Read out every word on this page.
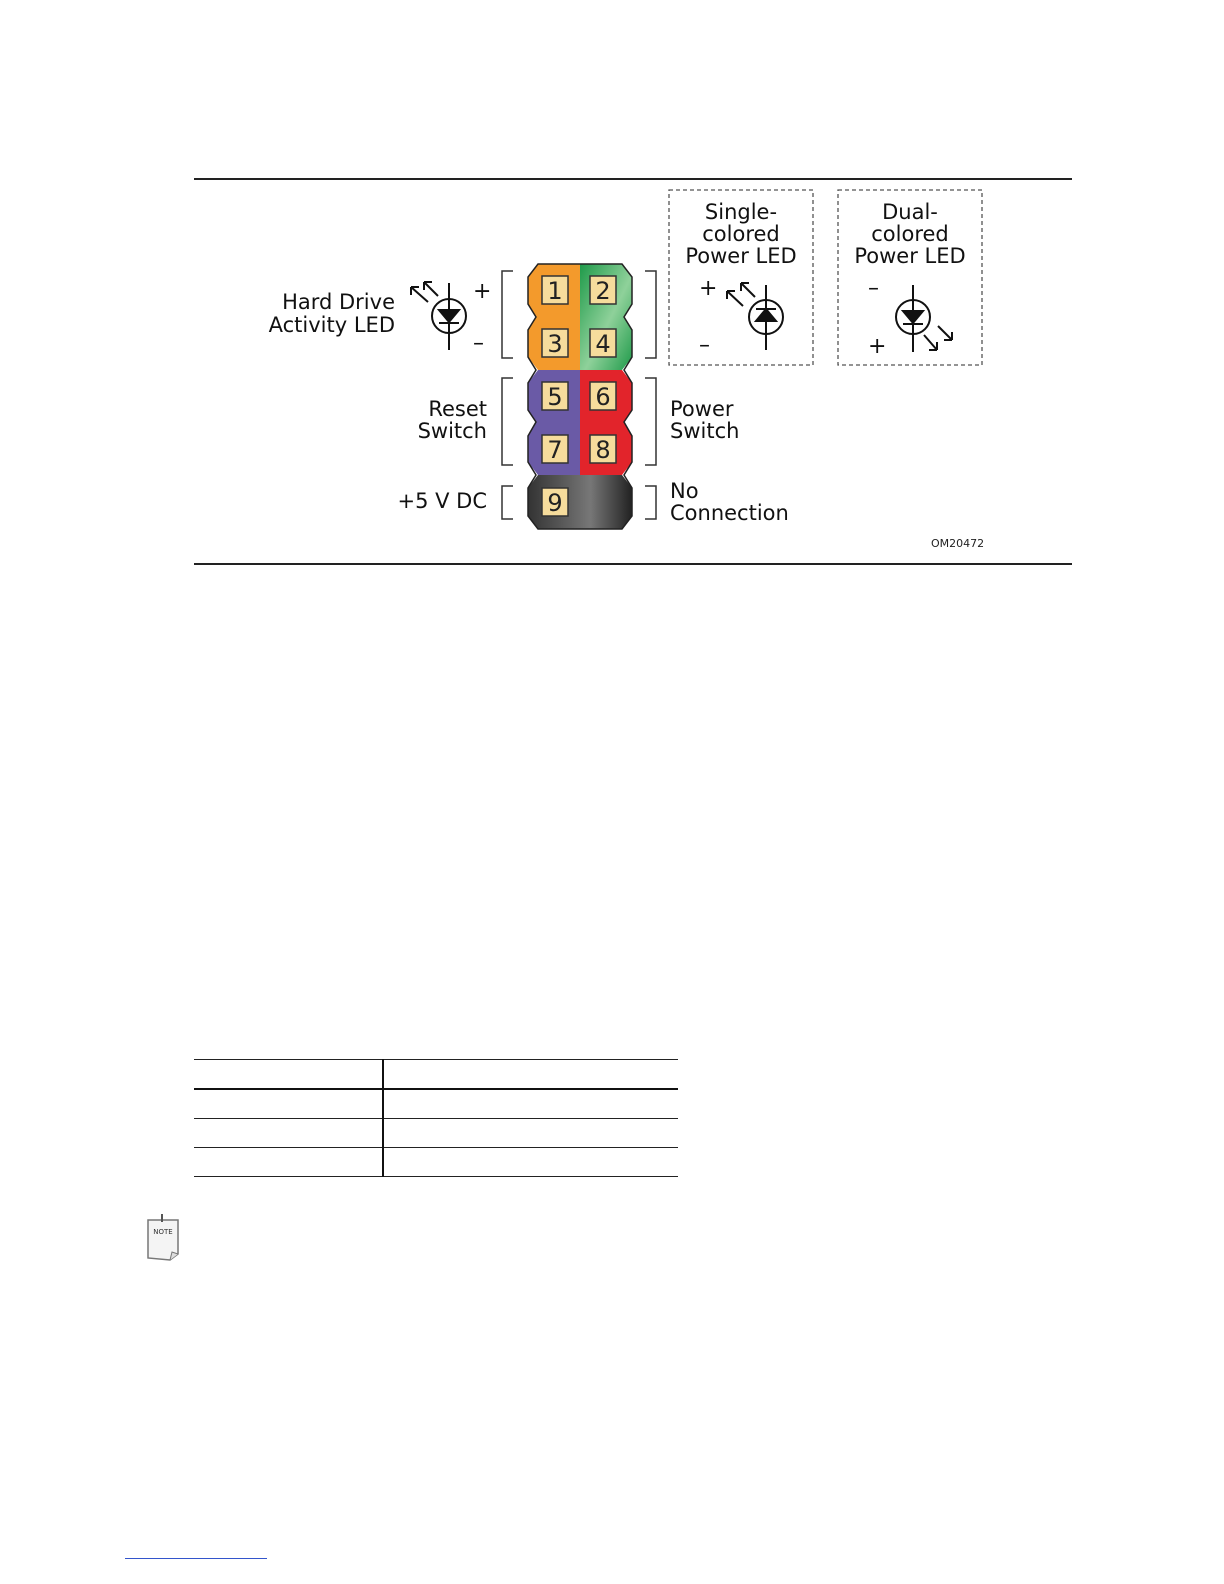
1 2
3 4
5 6
7 8
9
Hard Drive
Activity LED
Reset
Switch
+5 V DC
Power
Switch
No
Connection
Single-
colored
Power LED
Dual-
colored
Power LED
+
–
+
–
–
+
OM20472

NOTE
